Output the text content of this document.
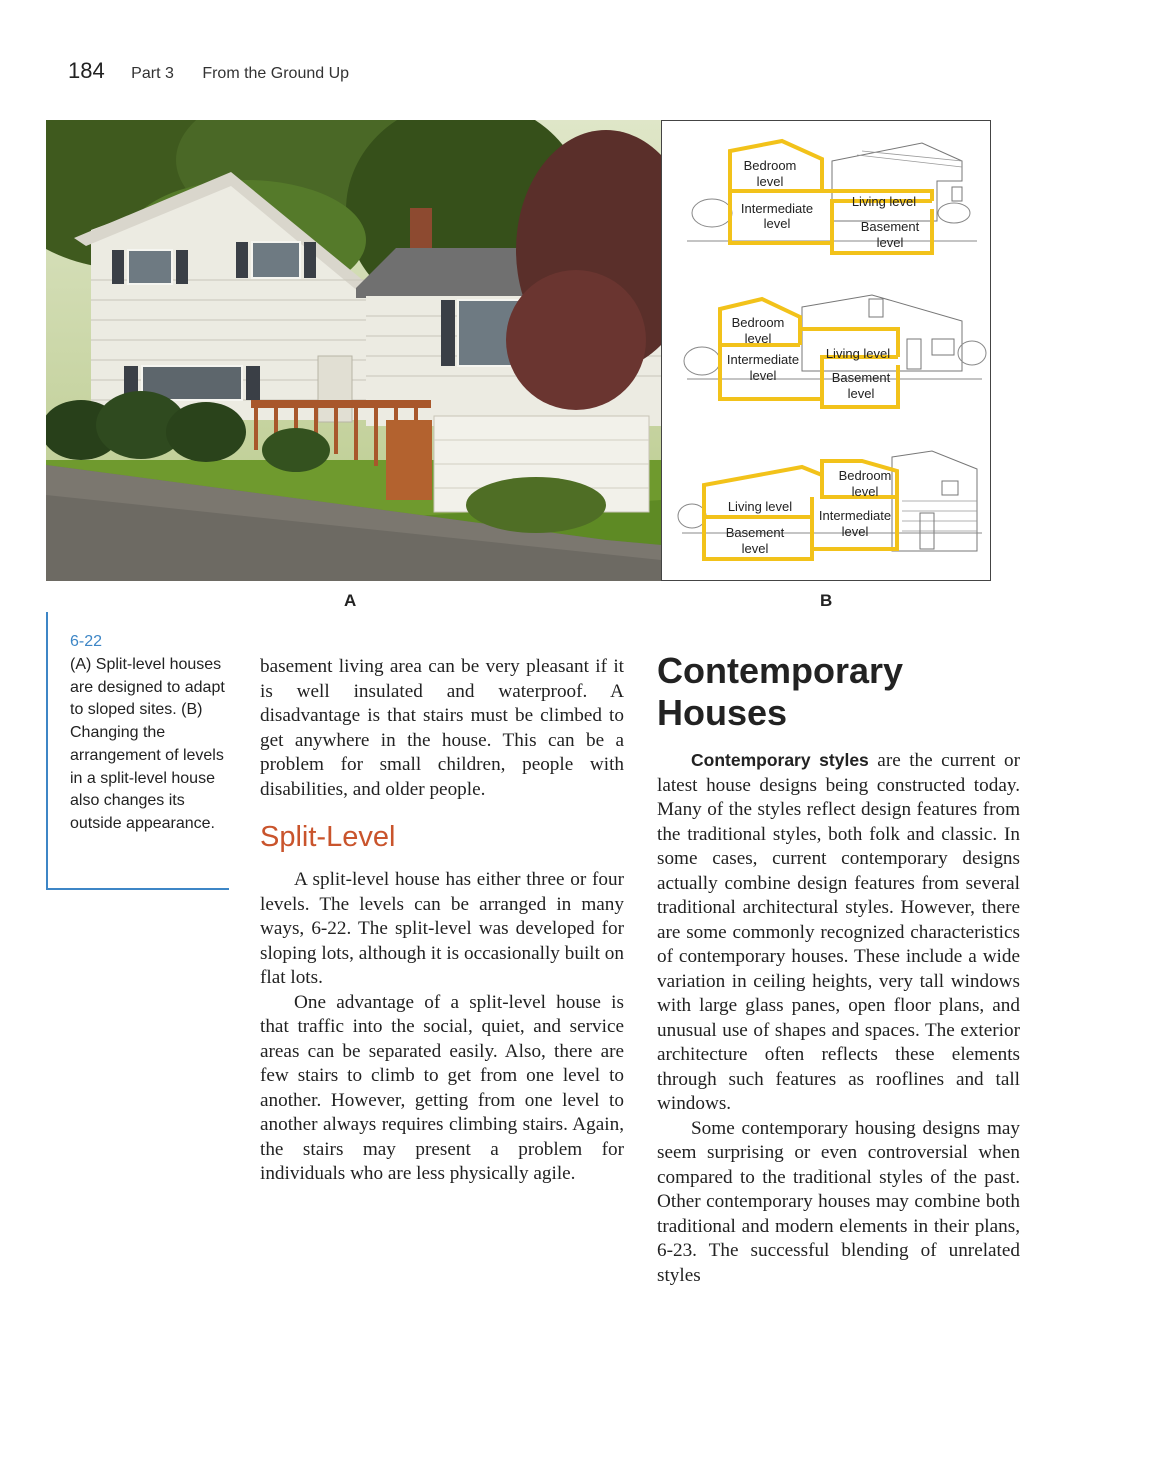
184 Part 3 From the Ground Up
Bedroom
level
Intermediate
level
Living level
Basement
level
Bedroom
level
Intermediate
level
Living level
Basement
level
Bedroom
level
Living level
Intermediate
level
Basement
level
A	B
6-22
(A) Split-level houses are designed to adapt to sloped sites. (B) Changing the arrangement of levels in a split-level house also changes its outside appearance.

basement living area can be very pleasant if it is well insulated and waterproof. A disadvantage is that stairs must be climbed to get anywhere in the house. This can be a problem for small children, people with disabilities, and older people.

Split-Level

A split-level house has either three or four levels. The levels can be arranged in many ways, 6-22. The split-level was developed for sloping lots, although it is occasionally built on flat lots.

One advantage of a split-level house is that traffic into the social, quiet, and service areas can be separated easily. Also, there are few stairs to climb to get from one level to another. However, getting from one level to another always requires climbing stairs. Again, the stairs may present a problem for individuals who are less physically agile.

Contemporary Houses

Contemporary styles are the current or latest house designs being constructed today. Many of the styles reflect design features from the traditional styles, both folk and classic. In some cases, current contemporary designs actually combine design features from several traditional architectural styles. However, there are some commonly recognized characteristics of contemporary houses. These include a wide variation in ceiling heights, very tall windows with large glass panes, open floor plans, and unusual use of shapes and spaces. The exterior architecture often reflects these elements through such features as rooflines and tall windows.

Some contemporary housing designs may seem surprising or even controversial when compared to the traditional styles of the past. Other contemporary houses may combine both traditional and modern elements in their plans, 6-23. The successful blending of unrelated styles
